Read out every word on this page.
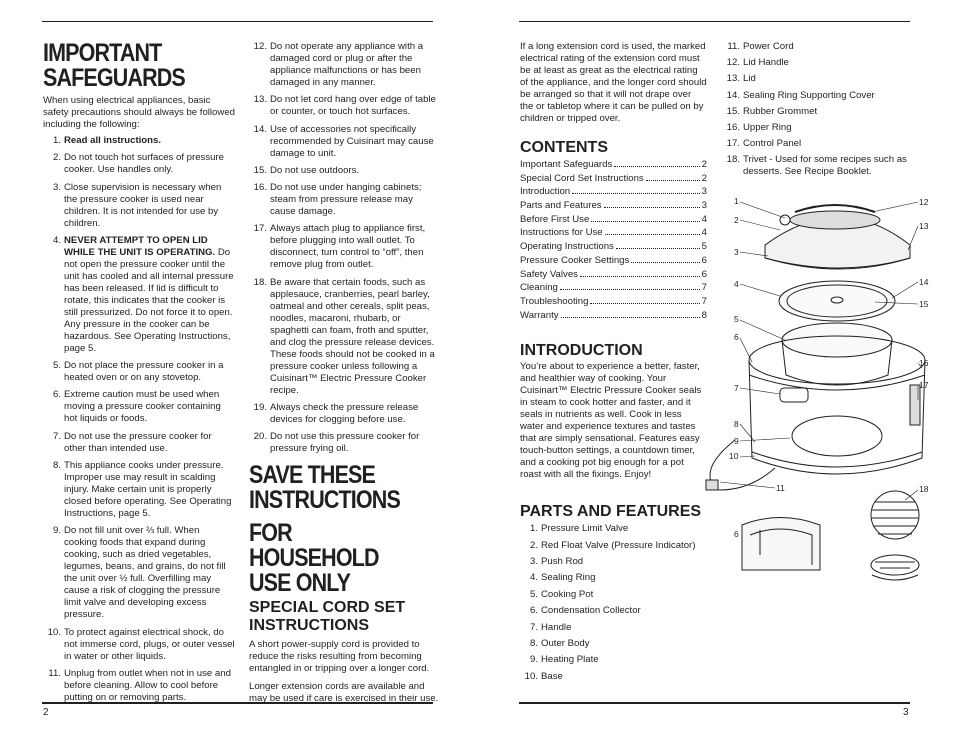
IMPORTANT
SAFEGUARDS

When using electrical appliances, basic safety precautions should always be followed including the following:

1. Read all instructions.
2. Do not touch hot surfaces of pressure cooker. Use handles only.
3. Close supervision is necessary when the pressure cooker is used near children. It is not intended for use by children.
4. NEVER ATTEMPT TO OPEN LID WHILE THE UNIT IS OPERATING. Do not open the pressure cooker until the unit has cooled and all internal pressure has been released. If lid is difficult to rotate, this indicates that the cooker is still pressurized. Do not force it to open. Any pressure in the cooker can be hazardous. See Operating Instructions, page 5.
5. Do not place the pressure cooker in a heated oven or on any stovetop.
6. Extreme caution must be used when moving a pressure cooker containing hot liquids or foods.
7. Do not use the pressure cooker for other than intended use.
8. This appliance cooks under pressure. Improper use may result in scalding injury. Make certain unit is properly closed before operating. See Operating Instructions, page 5.
9. Do not fill unit over ⅔ full. When cooking foods that expand during cooking, such as dried vegetables, legumes, beans, and grains, do not fill the unit over ½ full. Overfilling may cause a risk of clogging the pressure limit valve and developing excess pressure.
10. To protect against electrical shock, do not immerse cord, plugs, or outer vessel in water or other liquids.
11. Unplug from outlet when not in use and before cleaning. Allow to cool before putting on or removing parts.
12. Do not operate any appliance with a damaged cord or plug or after the appliance malfunctions or has been damaged in any manner.
13. Do not let cord hang over edge of table or counter, or touch hot surfaces.
14. Use of accessories not specifically recommended by Cuisinart may cause damage to unit.
15. Do not use outdoors.
16. Do not use under hanging cabinets; steam from pressure release may cause damage.
17. Always attach plug to appliance first, before plugging into wall outlet. To disconnect, turn control to “off”, then remove plug from outlet.
18. Be aware that certain foods, such as applesauce, cranberries, pearl barley, oatmeal and other cereals, split peas, noodles, macaroni, rhubarb, or spaghetti can foam, froth and sputter, and clog the pressure release devices. These foods should not be cooked in a pressure cooker unless following a Cuisinart™ Electric Pressure Cooker recipe.
19. Always check the pressure release devices for clogging before use.
20. Do not use this pressure cooker for pressure frying oil.
SAVE THESE
INSTRUCTIONS
FOR HOUSEHOLD
USE ONLY
SPECIAL CORD SET INSTRUCTIONS

A short power-supply cord is provided to reduce the risks resulting from becoming entangled in or tripping over a longer cord.

Longer extension cords are available and may be used if care is exercised in their use.

2

If a long extension cord is used, the marked electrical rating of the extension cord must be at least as great as the electrical rating of the appliance, and the longer cord should be arranged so that it will not drape over the or tabletop where it can be pulled on by children or tripped over.

CONTENTS
Important Safeguards	2
Special Cord Set Instructions	2
Introduction	3
Parts and Features	3
Before First Use	4
Instructions for Use	4
Operating Instructions	5
Pressure Cooker Settings	6
Safety Valves	6
Cleaning	7
Troubleshooting	7
Warranty	8
INTRODUCTION

You’re about to experience a better, faster, and healthier way of cooking. Your Cuisinart™ Electric Pressure Cooker seals in steam to cook hotter and faster, and it seals in nutrients as well. Cook in less water and experience textures and tastes that are simply sensational. Features easy touch-button settings, a countdown timer, and a cooking pot big enough for a pot roast with all the fixings. Enjoy!

PARTS AND FEATURES
1. Pressure Limit Valve
2. Red Float Valve (Pressure Indicator)
3. Push Rod
4. Sealing Ring
5. Cooking Pot
6. Condensation Collector
7. Handle
8. Outer Body
9. Heating Plate
10. Base
11. Power Cord
12. Lid Handle
13. Lid
14. Sealing Ring Supporting Cover
15. Rubber Grommet
16. Upper Ring
17. Control Panel
18. Trivet - Used for some recipes such as desserts. See Recipe Booklet.
1
2
3
4
5
6
7
8
9
10
11
12
13
14
15
16
17
18
6
3
